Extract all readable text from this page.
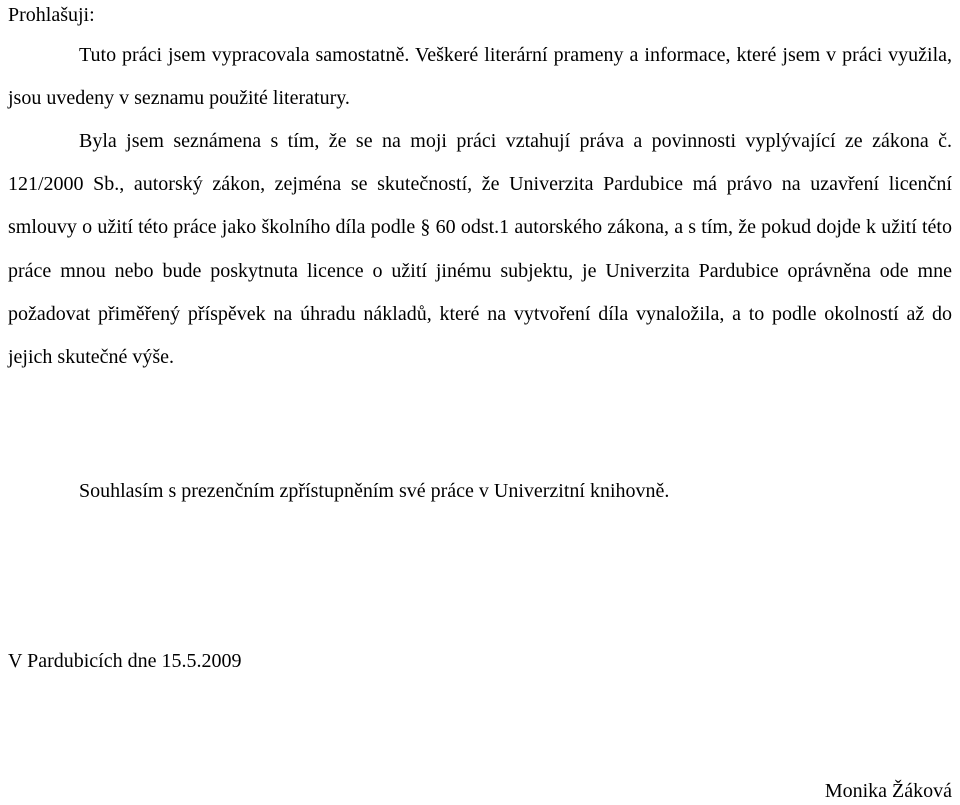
Prohlašuji:

Tuto práci jsem vypracovala samostatně. Veškeré literární prameny a informace, které jsem v práci využila, jsou uvedeny v seznamu použité literatury.

Byla jsem seznámena s tím, že se na moji práci vztahují práva a povinnosti vyplývající ze zákona č. 121/2000 Sb., autorský zákon, zejména se skutečností, že Univerzita Pardubice má právo na uzavření licenční smlouvy o užití této práce jako školního díla podle § 60 odst.1 autorského zákona, a s tím, že pokud dojde k užití této práce mnou nebo bude poskytnuta licence o užití jinému subjektu, je Univerzita Pardubice oprávněna ode mne požadovat přiměřený příspěvek na úhradu nákladů, které na vytvoření díla vynaložila, a to podle okolností až do jejich skutečné výše.

Souhlasím s prezenčním zpřístupněním své práce v Univerzitní knihovně.

V Pardubicích dne 15.5.2009
Monika Žáková
